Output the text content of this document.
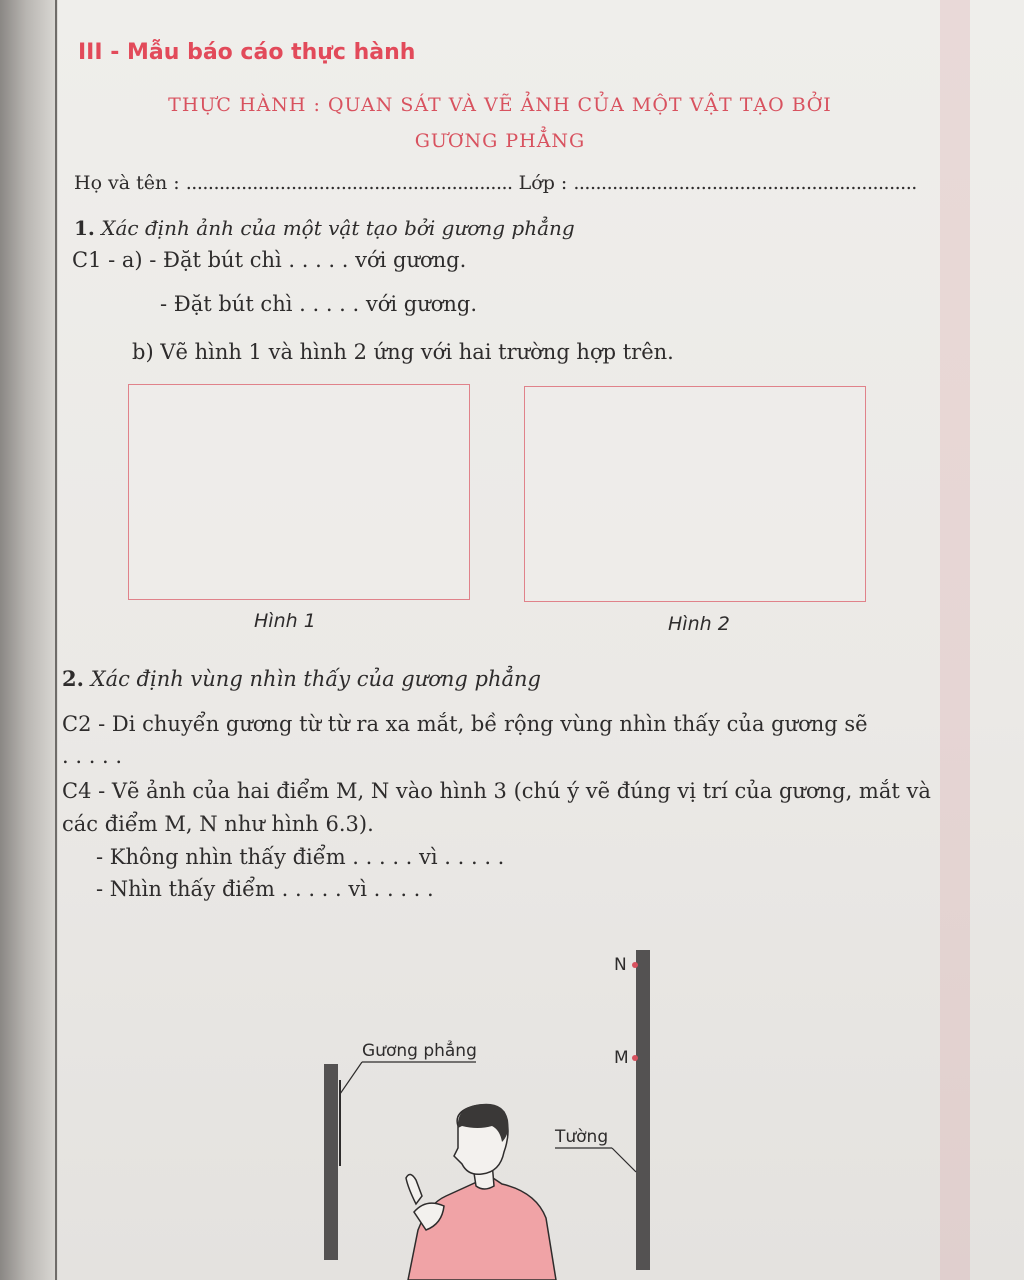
III - Mẫu báo cáo thực hành
THỰC HÀNH : QUAN SÁT VÀ VẼ ẢNH CỦA MỘT VẬT TẠO BỞI
GƯƠNG PHẲNG
Họ và tên : ........................................................... Lớp : ..............................................................
1. Xác định ảnh của một vật tạo bởi gương phẳng
C1 - a) - Đặt bút chì . . . . . với gương.
- Đặt bút chì . . . . . với gương.
b) Vẽ hình 1 và hình 2 ứng với hai trường hợp trên.
Hình 1	Hình 2
2. Xác định vùng nhìn thấy của gương phẳng
C2 - Di chuyển gương từ từ ra xa mắt, bề rộng vùng nhìn thấy của gương sẽ
. . . . .
C4 - Vẽ ảnh của hai điểm M, N vào hình 3 (chú ý vẽ đúng vị trí của gương, mắt và
các điểm M, N như hình 6.3).
- Không nhìn thấy điểm . . . . . vì . . . . .
- Nhìn thấy điểm . . . . . vì . . . . .
Gương phẳng
Tường
N
M
